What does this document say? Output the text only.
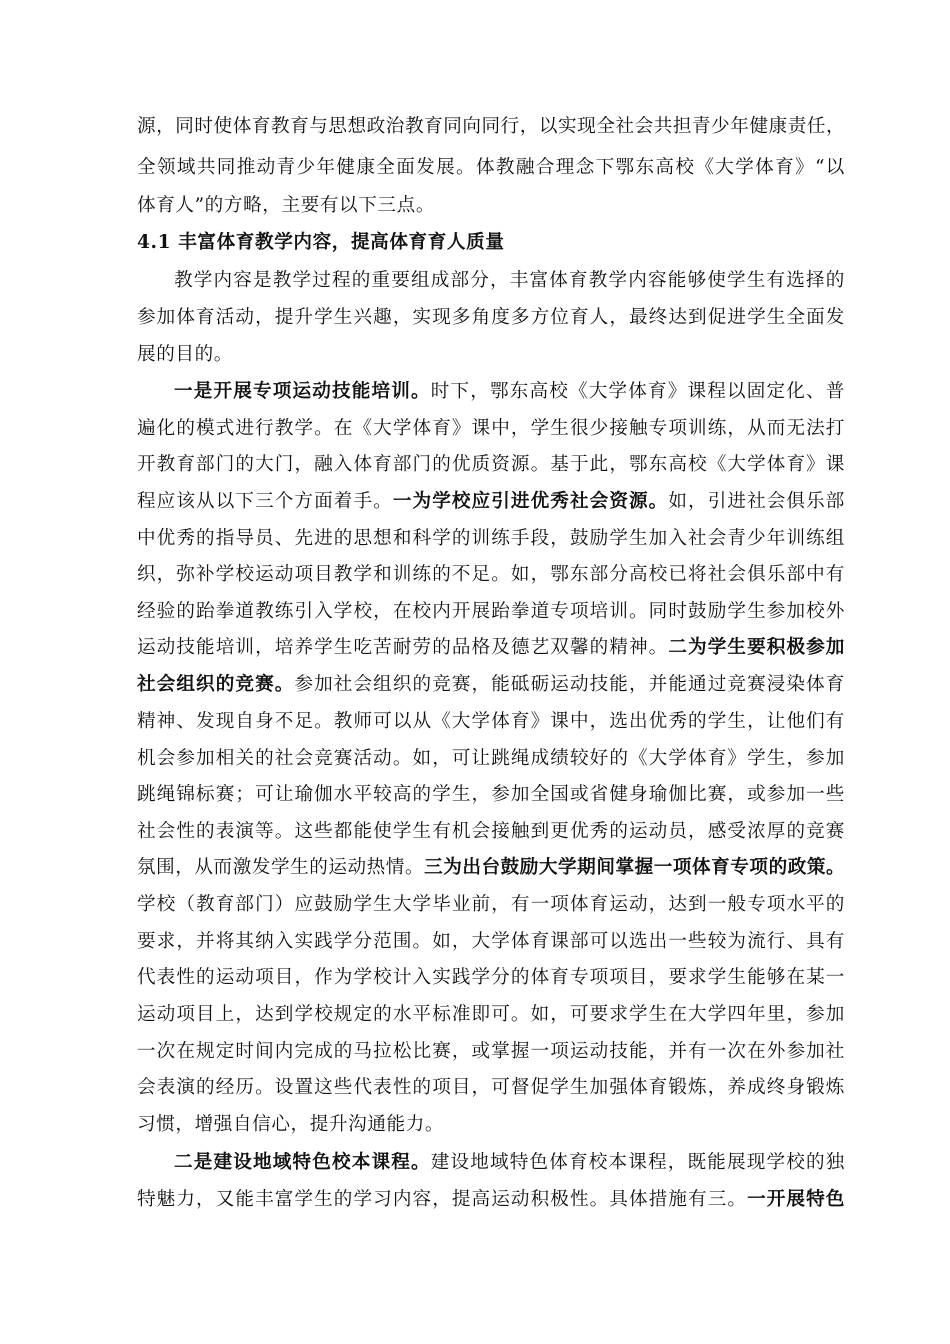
源，同时使体育教育与思想政治教育同向同行，以实现全社会共担青少年健康责任，
全领域共同推动青少年健康全面发展。体教融合理念下鄂东高校《大学体育》“以
体育人”的方略，主要有以下三点。
4.1 丰富体育教学内容，提高体育育人质量
教学内容是教学过程的重要组成部分，丰富体育教学内容能够使学生有选择的
参加体育活动，提升学生兴趣，实现多角度多方位育人，最终达到促进学生全面发
展的目的。
一是开展专项运动技能培训。时下，鄂东高校《大学体育》课程以固定化、普
遍化的模式进行教学。在《大学体育》课中，学生很少接触专项训练，从而无法打
开教育部门的大门，融入体育部门的优质资源。基于此，鄂东高校《大学体育》课
程应该从以下三个方面着手。一为学校应引进优秀社会资源。如，引进社会俱乐部
中优秀的指导员、先进的思想和科学的训练手段，鼓励学生加入社会青少年训练组
织，弥补学校运动项目教学和训练的不足。如，鄂东部分高校已将社会俱乐部中有
经验的跆拳道教练引入学校，在校内开展跆拳道专项培训。同时鼓励学生参加校外
运动技能培训，培养学生吃苦耐劳的品格及德艺双馨的精神。二为学生要积极参加
社会组织的竞赛。参加社会组织的竞赛，能砥砺运动技能，并能通过竞赛浸染体育
精神、发现自身不足。教师可以从《大学体育》课中，选出优秀的学生，让他们有
机会参加相关的社会竞赛活动。如，可让跳绳成绩较好的《大学体育》学生，参加
跳绳锦标赛；可让瑜伽水平较高的学生，参加全国或省健身瑜伽比赛，或参加一些
社会性的表演等。这些都能使学生有机会接触到更优秀的运动员，感受浓厚的竞赛
氛围，从而激发学生的运动热情。三为出台鼓励大学期间掌握一项体育专项的政策。
学校（教育部门）应鼓励学生大学毕业前，有一项体育运动，达到一般专项水平的
要求，并将其纳入实践学分范围。如，大学体育课部可以选出一些较为流行、具有
代表性的运动项目，作为学校计入实践学分的体育专项项目，要求学生能够在某一
运动项目上，达到学校规定的水平标准即可。如，可要求学生在大学四年里，参加
一次在规定时间内完成的马拉松比赛，或掌握一项运动技能，并有一次在外参加社
会表演的经历。设置这些代表性的项目，可督促学生加强体育锻炼，养成终身锻炼
习惯，增强自信心，提升沟通能力。
二是建设地域特色校本课程。建设地域特色体育校本课程，既能展现学校的独
特魅力，又能丰富学生的学习内容，提高运动积极性。具体措施有三。一开展特色
